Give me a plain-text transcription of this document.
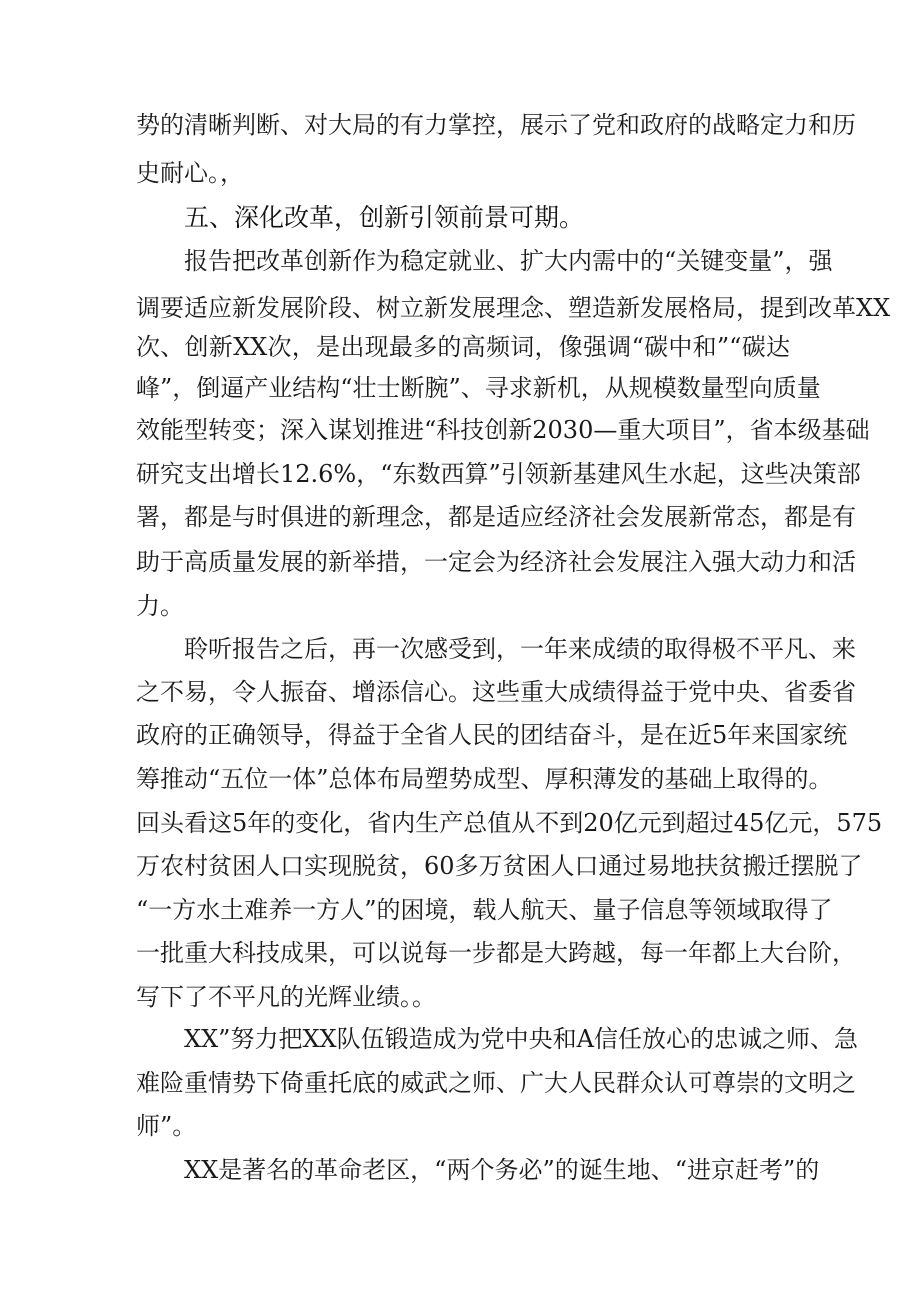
势的清晰判断、对大局的有力掌控，展示了党和政府的战略定力和历
史耐心。，
五、深化改革，创新引领前景可期。
报告把改革创新作为稳定就业、扩大内需中的“关键变量”，强
调要适应新发展阶段、树立新发展理念、塑造新发展格局，提到改革XX
次、创新XX次，是出现最多的高频词，像强调“碳中和”“碳达
峰”，倒逼产业结构“壮士断腕”、寻求新机，从规模数量型向质量
效能型转变；深入谋划推进“科技创新2030—重大项目”，省本级基础
研究支出增长12.6%，“东数西算”引领新基建风生水起，这些决策部
署，都是与时俱进的新理念，都是适应经济社会发展新常态，都是有
助于高质量发展的新举措，一定会为经济社会发展注入强大动力和活
力。
聆听报告之后，再一次感受到，一年来成绩的取得极不平凡、来
之不易，令人振奋、增添信心。这些重大成绩得益于党中央、省委省
政府的正确领导，得益于全省人民的团结奋斗，是在近5年来国家统
筹推动“五位一体”总体布局塑势成型、厚积薄发的基础上取得的。
回头看这5年的变化，省内生产总值从不到20亿元到超过45亿元，575
万农村贫困人口实现脱贫，60多万贫困人口通过易地扶贫搬迁摆脱了
“一方水土难养一方人”的困境，载人航天、量子信息等领域取得了
一批重大科技成果，可以说每一步都是大跨越，每一年都上大台阶，
写下了不平凡的光辉业绩。。
XX”努力把XX队伍锻造成为党中央和A信任放心的忠诚之师、急
难险重情势下倚重托底的威武之师、广大人民群众认可尊崇的文明之
师”。
XX是著名的革命老区，“两个务必”的诞生地、“进京赶考”的
